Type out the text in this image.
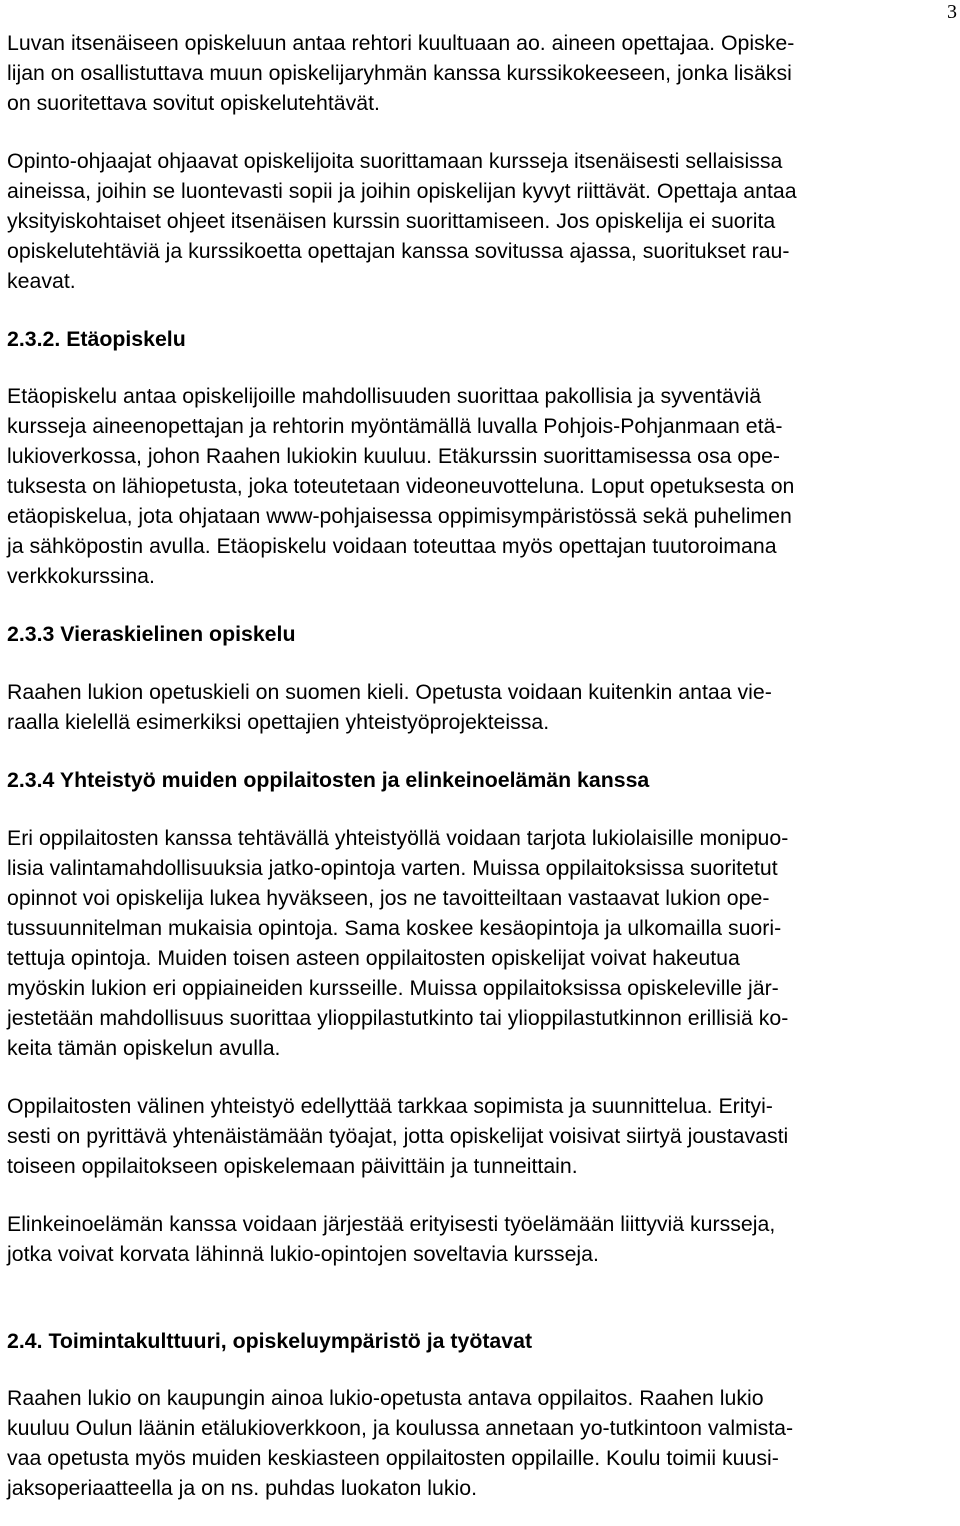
3
Luvan itsenäiseen opiskeluun antaa rehtori kuultuaan ao. aineen opettajaa. Opiske-
lijan on osallistuttava muun opiskelijaryhmän kanssa kurssikokeeseen, jonka lisäksi
on suoritettava sovitut opiskelutehtävät.
Opinto-ohjaajat ohjaavat opiskelijoita suorittamaan kursseja itsenäisesti sellaisissa
aineissa, joihin se luontevasti sopii ja joihin opiskelijan kyvyt riittävät. Opettaja antaa
yksityiskohtaiset ohjeet itsenäisen kurssin suorittamiseen. Jos opiskelija ei suorita
opiskelutehtäviä ja kurssikoetta opettajan kanssa sovitussa ajassa, suoritukset rau-
keavat.
2.3.2. Etäopiskelu
Etäopiskelu antaa opiskelijoille mahdollisuuden suorittaa pakollisia ja syventäviä
kursseja aineenopettajan ja rehtorin myöntämällä luvalla Pohjois-Pohjanmaan etä-
lukioverkossa, johon Raahen lukiokin kuuluu. Etäkurssin suorittamisessa osa ope-
tuksesta on lähiopetusta, joka toteutetaan videoneuvotteluna. Loput opetuksesta on
etäopiskelua, jota ohjataan www-pohjaisessa oppimisympäristössä sekä puhelimen
ja sähköpostin avulla. Etäopiskelu voidaan toteuttaa myös opettajan tuutoroimana
verkkokurssina.
2.3.3 Vieraskielinen opiskelu
Raahen lukion opetuskieli on suomen kieli. Opetusta voidaan kuitenkin antaa vie-
raalla kielellä esimerkiksi opettajien yhteistyöprojekteissa.
2.3.4 Yhteistyö muiden oppilaitosten ja elinkeinoelämän kanssa
Eri oppilaitosten kanssa tehtävällä yhteistyöllä voidaan tarjota lukiolaisille monipuo-
lisia valintamahdollisuuksia jatko-opintoja varten. Muissa oppilaitoksissa suoritetut
opinnot voi opiskelija lukea hyväkseen, jos ne tavoitteiltaan vastaavat lukion ope-
tussuunnitelman mukaisia opintoja. Sama koskee kesäopintoja ja ulkomailla suori-
tettuja opintoja. Muiden toisen asteen oppilaitosten opiskelijat voivat hakeutua
myöskin lukion eri oppiaineiden kursseille. Muissa oppilaitoksissa opiskeleville jär-
jestetään mahdollisuus suorittaa ylioppilastutkinto tai ylioppilastutkinnon erillisiä ko-
keita tämän opiskelun avulla.
Oppilaitosten välinen yhteistyö edellyttää tarkkaa sopimista ja suunnittelua. Erityi-
sesti on pyrittävä yhtenäistämään työajat, jotta opiskelijat voisivat siirtyä joustavasti
toiseen oppilaitokseen opiskelemaan päivittäin ja tunneittain.
Elinkeinoelämän kanssa voidaan järjestää erityisesti työelämään liittyviä kursseja,
jotka voivat korvata lähinnä lukio-opintojen soveltavia kursseja.
2.4. Toimintakulttuuri, opiskeluympäristö ja työtavat
Raahen lukio on kaupungin ainoa lukio-opetusta antava oppilaitos. Raahen lukio
kuuluu Oulun läänin etälukioverkkoon, ja koulussa annetaan yo-tutkintoon valmista-
vaa opetusta myös muiden keskiasteen oppilaitosten oppilaille. Koulu toimii kuusi-
jaksoperiaatteella ja on ns. puhdas luokaton lukio.
